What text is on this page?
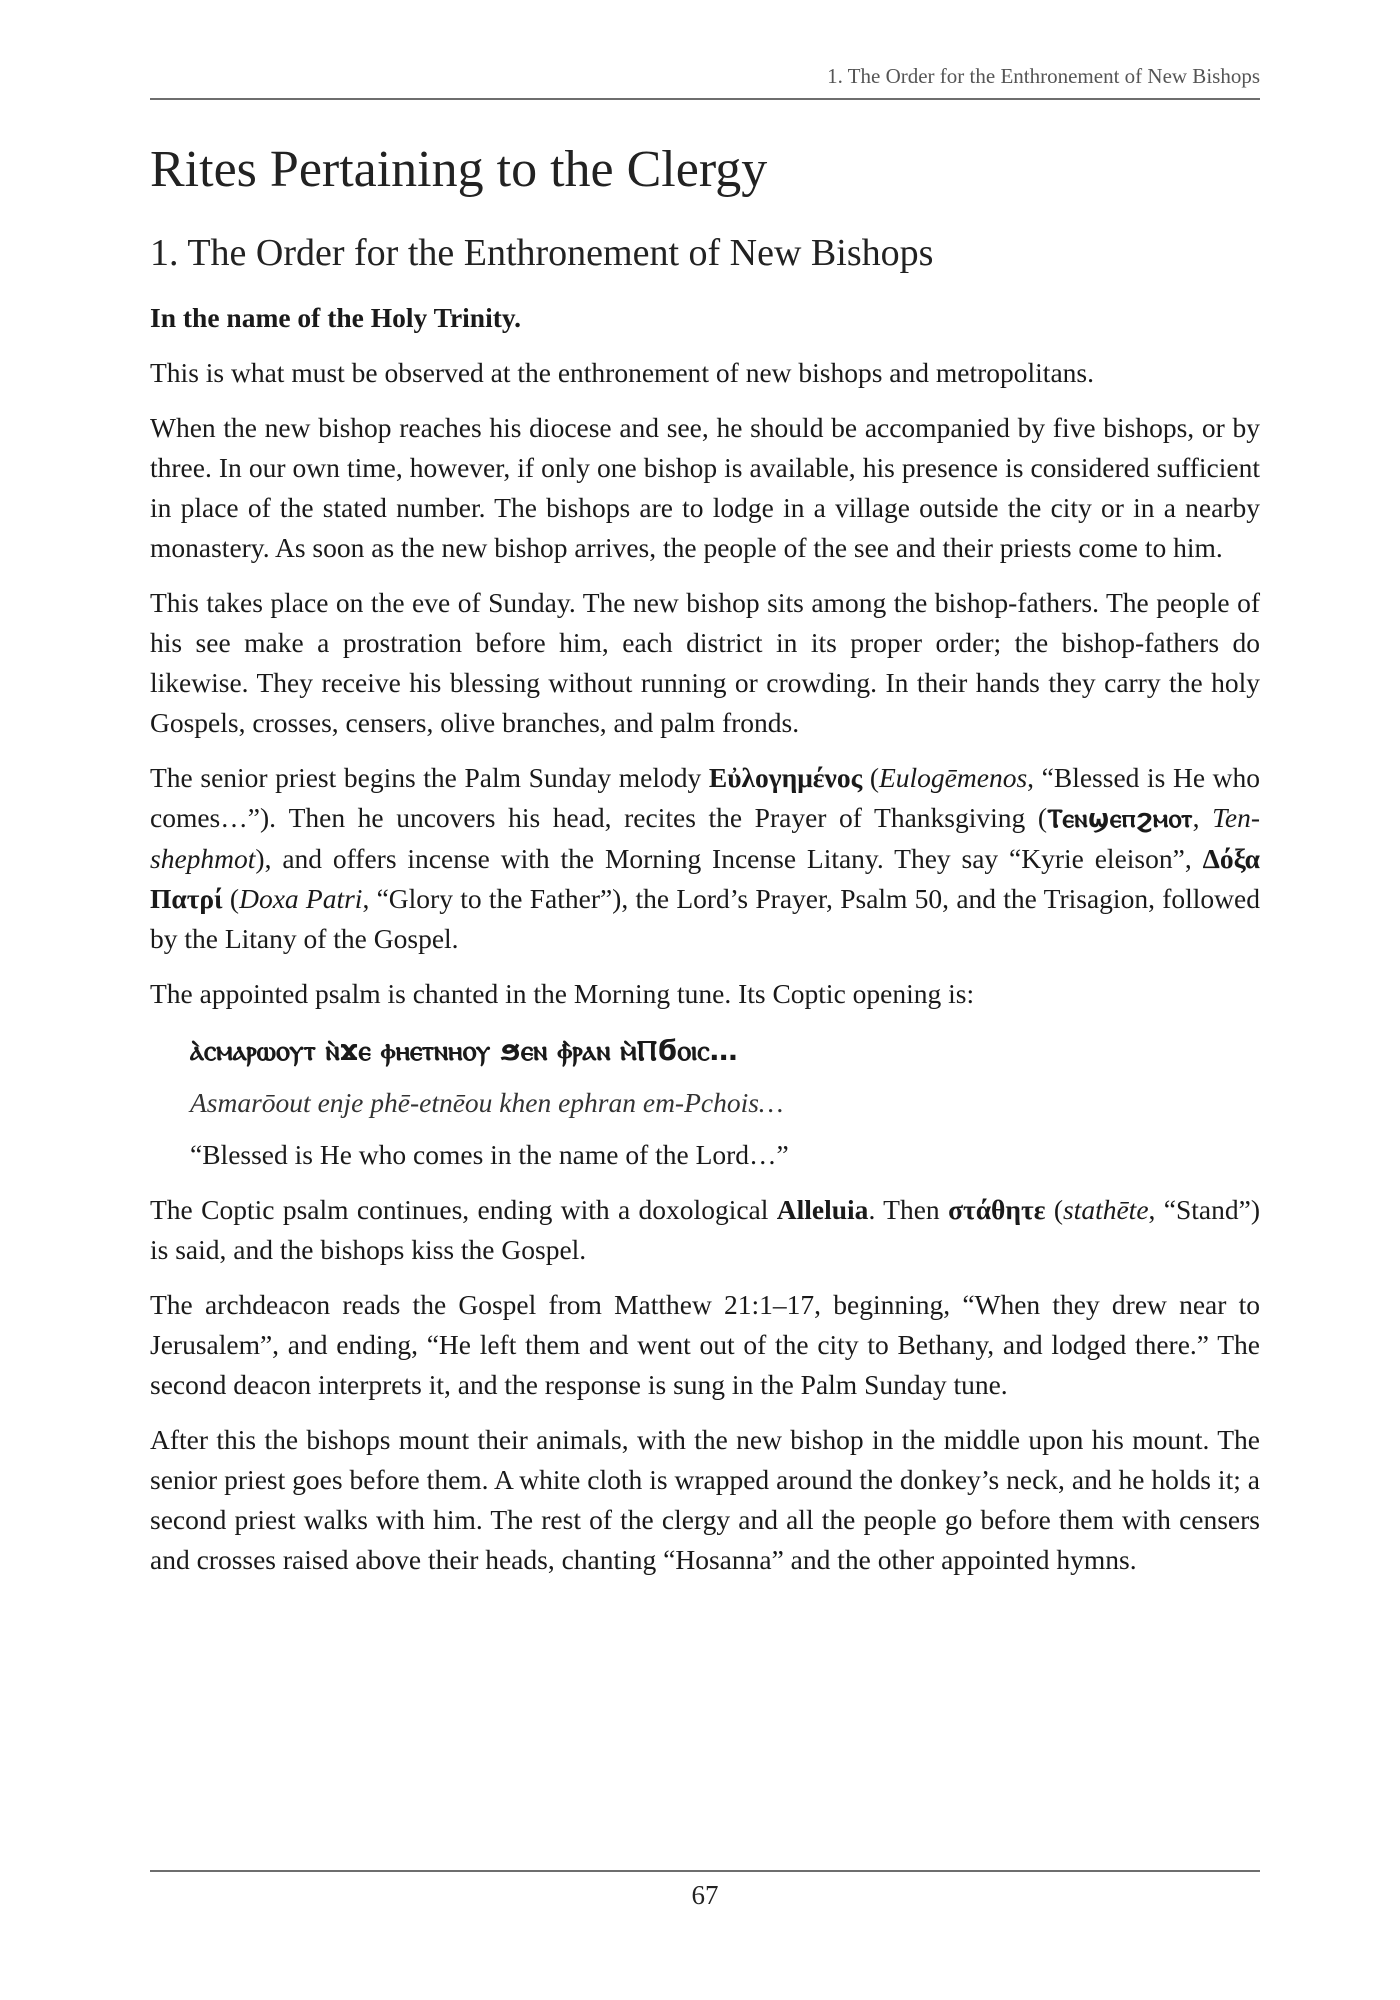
1. The Order for the Enthronement of New Bishops
Rites Pertaining to the Clergy
1. The Order for the Enthronement of New Bishops

In the name of the Holy Trinity.

This is what must be observed at the enthronement of new bishops and metropolitans.

When the new bishop reaches his diocese and see, he should be accompanied by five bishops, or by three. In our own time, however, if only one bishop is available, his presence is considered sufficient in place of the stated number. The bishops are to lodge in a village outside the city or in a nearby monastery. As soon as the new bishop arrives, the people of the see and their priests come to him.

This takes place on the eve of Sunday. The new bishop sits among the bishop-fathers. The people of his see make a prostration before him, each district in its proper order; the bishop-fathers do likewise. They receive his blessing without running or crowding. In their hands they carry the holy Gospels, crosses, censers, olive branches, and palm fronds.

The senior priest begins the Palm Sunday melody Εὐλογημένος (Eulogēmenos, “Blessed is He who comes…”). Then he uncovers his head, recites the Prayer of Thanksgiving (Ⲧⲉⲛϣⲉⲡϩⲙⲟⲧ, Ten-shephmot), and offers incense with the Morning Incense Litany. They say “Kyrie eleison”, Δόξα Πατρί (Doxa Patri, “Glory to the Father”), the Lord’s Prayer, Psalm 50, and the Trisagion, followed by the Litany of the Gospel.

The appointed psalm is chanted in the Morning tune. Its Coptic opening is:

ⲁ̀ⲥⲙⲁⲣⲱⲟⲩⲧ ⲛ̀ϫⲉ ⲫⲏⲉⲧⲛⲏⲟⲩ ϧⲉⲛ ⲫ̀ⲣⲁⲛ ⲙ̀Ⲡϭⲟⲓⲥ…
Asmarōout enje phē-etnēou khen ephran em-Pchois…

“Blessed is He who comes in the name of the Lord…”

The Coptic psalm continues, ending with a doxological Alleluia. Then στάθητε (stathēte, “Stand”) is said, and the bishops kiss the Gospel.

The archdeacon reads the Gospel from Matthew 21:1–17, beginning, “When they drew near to Jerusalem”, and ending, “He left them and went out of the city to Bethany, and lodged there.” The second deacon interprets it, and the response is sung in the Palm Sunday tune.

After this the bishops mount their animals, with the new bishop in the middle upon his mount. The senior priest goes before them. A white cloth is wrapped around the donkey’s neck, and he holds it; a second priest walks with him. The rest of the clergy and all the people go before them with censers and crosses raised above their heads, chanting “Hosanna” and the other appointed hymns.

67
